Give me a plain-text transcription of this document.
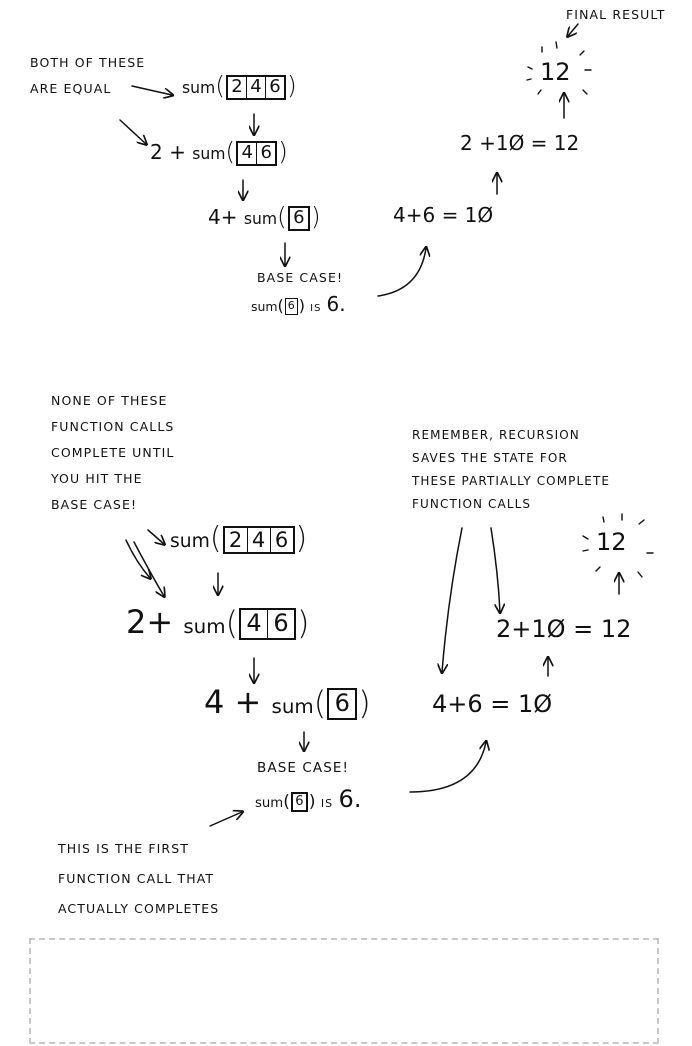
BOTH OF THESE
ARE EQUAL
FINAL RESULT
sum( 2 4 6 )
2 + sum( 4 6 )
4+ sum( 6 )
BASE CASE!
sum( 6 ) IS 6.
4+6 = 1Ø
2 +1Ø = 12
12
NONE OF THESE
FUNCTION CALLS
COMPLETE UNTIL
YOU HIT THE
BASE CASE!
REMEMBER, RECURSION
SAVES THE STATE FOR
THESE PARTIALLY COMPLETE
FUNCTION CALLS
sum( 2 4 6 )
2+ sum( 4 6 )
4 + sum( 6 )
BASE CASE!
sum( 6 ) IS 6.
THIS IS THE FIRST
FUNCTION CALL THAT
ACTUALLY COMPLETES
4+6 = 1Ø
2+1Ø = 12
12
